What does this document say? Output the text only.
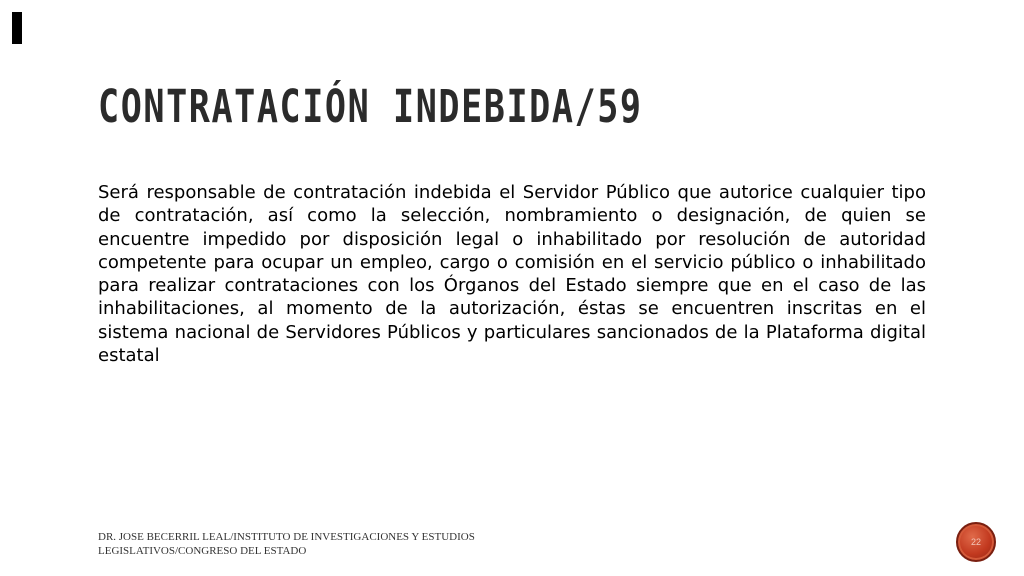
CONTRATACIÓN INDEBIDA/59

Será responsable de contratación indebida el Servidor Público que autorice cualquier tipo de contratación, así como la selección, nombramiento o designación, de quien se encuentre impedido por disposición legal o inhabilitado por resolución de autoridad competente para ocupar un empleo, cargo o comisión en el servicio público o inhabilitado para realizar contrataciones con los Órganos del Estado siempre que en el caso de las inhabilitaciones, al momento de la autorización, éstas se encuentren inscritas en el sistema nacional de Servidores Públicos y particulares sancionados de la Plataforma digital estatal

DR. JOSE BECERRIL LEAL/INSTITUTO DE INVESTIGACIONES Y ESTUDIOS LEGISLATIVOS/CONGRESO DEL ESTADO
22
